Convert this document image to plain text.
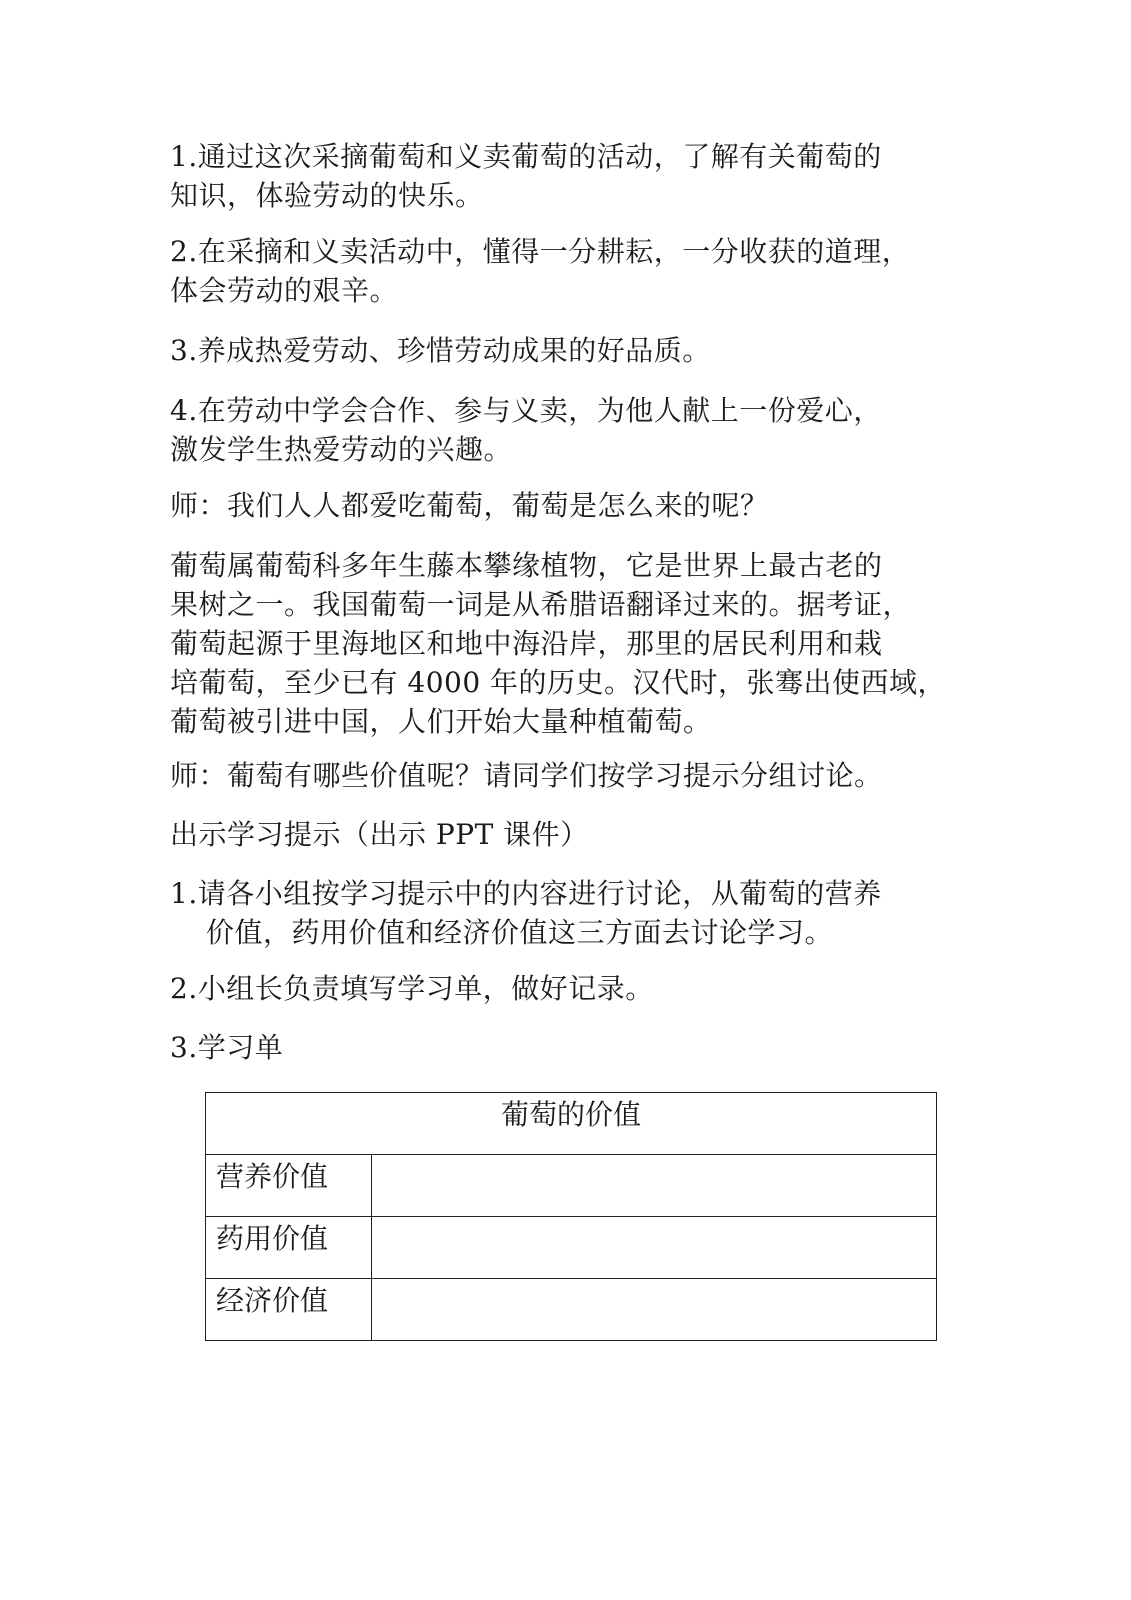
1.通过这次采摘葡萄和义卖葡萄的活动，了解有关葡萄的
知识，体验劳动的快乐。
2.在采摘和义卖活动中，懂得一分耕耘，一分收获的道理，
体会劳动的艰辛。
3.养成热爱劳动、珍惜劳动成果的好品质。
4.在劳动中学会合作、参与义卖，为他人献上一份爱心，
激发学生热爱劳动的兴趣。
师：我们人人都爱吃葡萄，葡萄是怎么来的呢？
葡萄属葡萄科多年生藤本攀缘植物，它是世界上最古老的
果树之一。我国葡萄一词是从希腊语翻译过来的。据考证，
葡萄起源于里海地区和地中海沿岸，那里的居民利用和栽
培葡萄，至少已有 4000 年的历史。汉代时，张骞出使西域，
葡萄被引进中国，人们开始大量种植葡萄。
师：葡萄有哪些价值呢？请同学们按学习提示分组讨论。
出示学习提示（出示 PPT 课件）
1.请各小组按学习提示中的内容进行讨论，从葡萄的营养
价值，药用价值和经济价值这三方面去讨论学习。
2.小组长负责填写学习单，做好记录。
3.学习单
葡萄的价值	
营养价值	
药用价值	
经济价值	
